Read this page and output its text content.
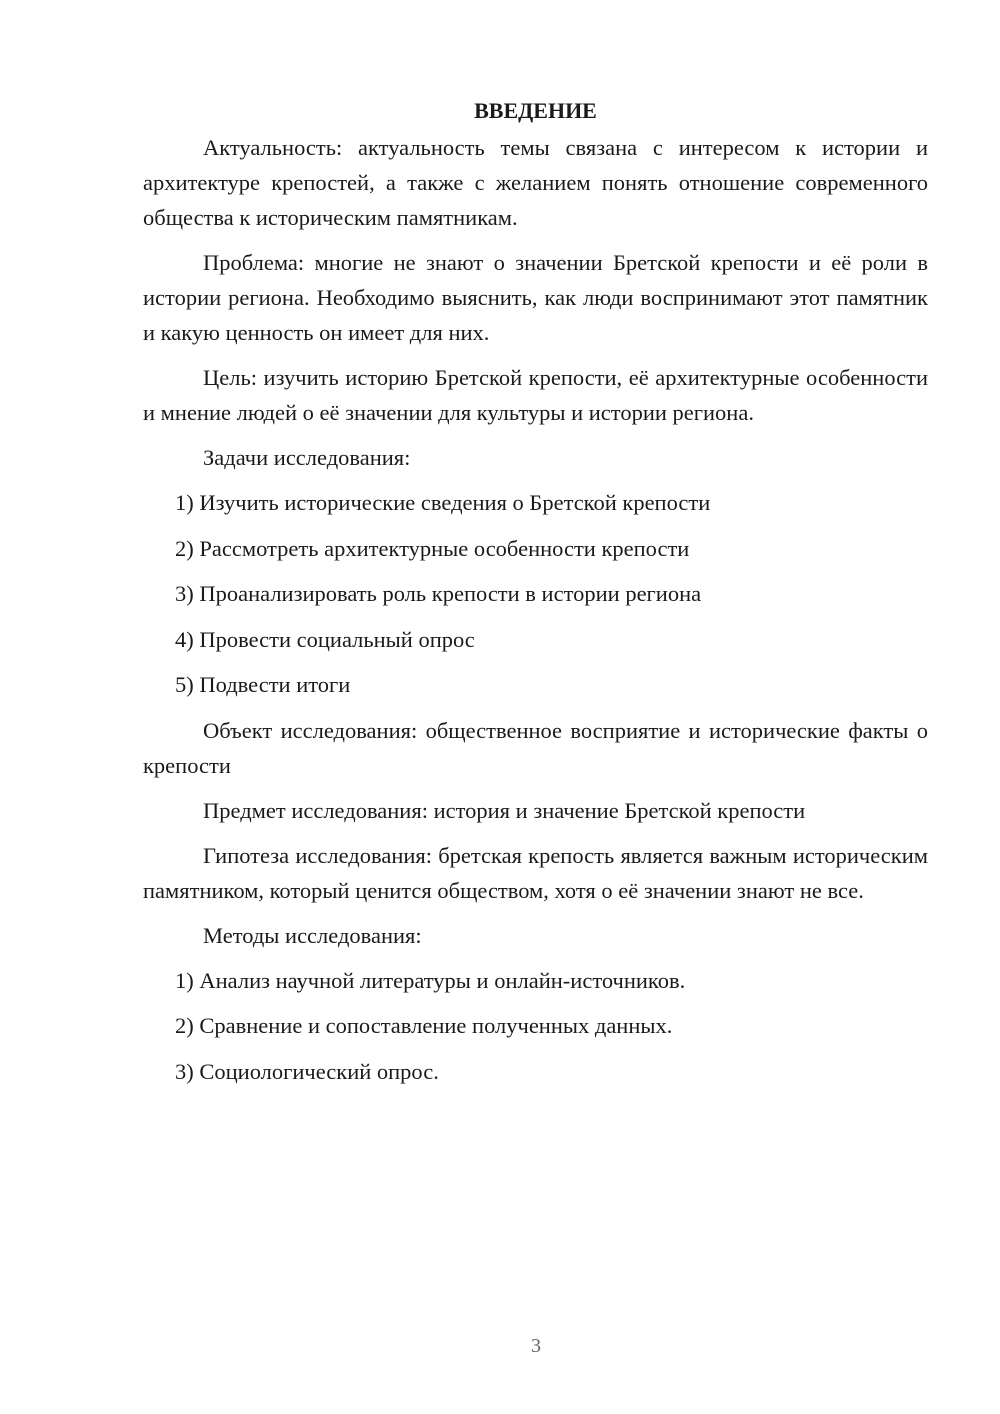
ВВЕДЕНИЕ

Актуальность: актуальность темы связана с интересом к истории и архитектуре крепостей, а также с желанием понять отношение современного общества к историческим памятникам.

Проблема: многие не знают о значении Бретской крепости и её роли в истории региона. Необходимо выяснить, как люди воспринимают этот памятник и какую ценность он имеет для них.

Цель: изучить историю Бретской крепости, её архитектурные особенности и мнение людей о её значении для культуры и истории региона.

Задачи исследования:

1) Изучить исторические сведения о Бретской крепости

2) Рассмотреть архитектурные особенности крепости

3) Проанализировать роль крепости в истории региона

4) Провести социальный опрос

5) Подвести итоги

Объект исследования: общественное восприятие и исторические факты о крепости

Предмет исследования: история и значение Бретской крепости

Гипотеза исследования: бретская крепость является важным историческим памятником, который ценится обществом, хотя о её значении знают не все.

Методы исследования:

1) Анализ научной литературы и онлайн-источников.

2) Сравнение и сопоставление полученных данных.

3) Социологический опрос.

3
